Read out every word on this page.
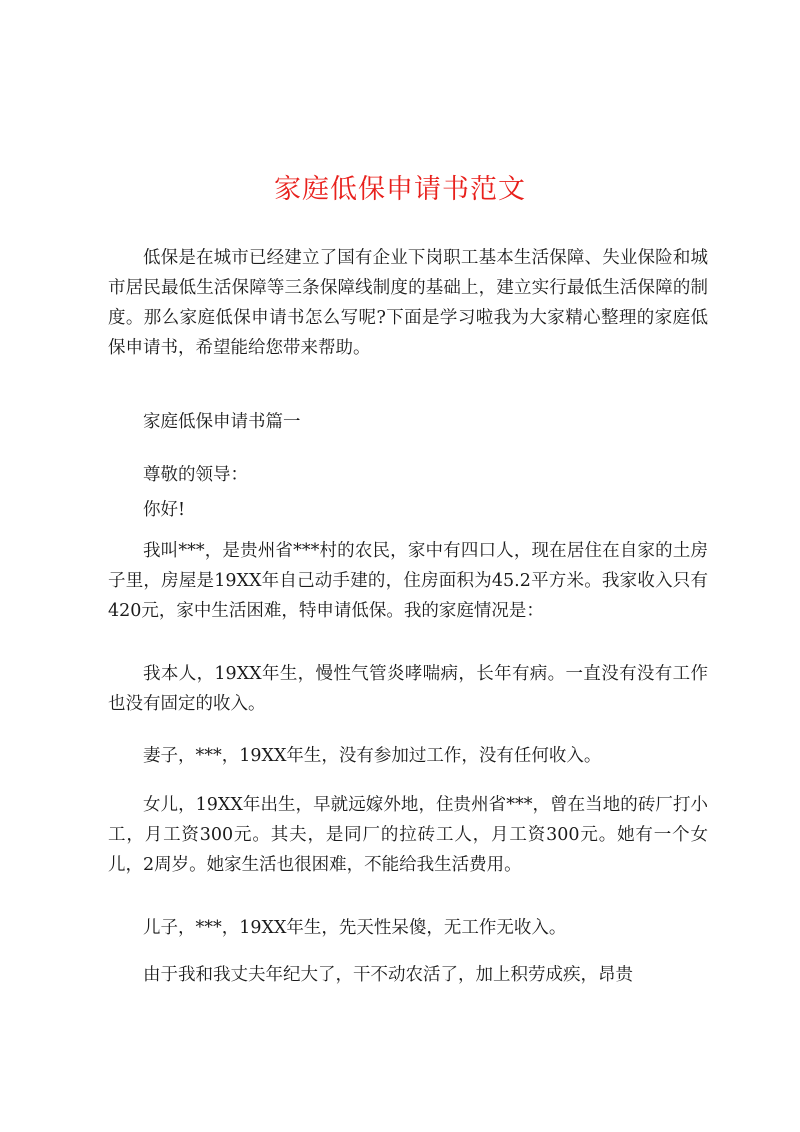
家庭低保申请书范文

低保是在城市已经建立了国有企业下岗职工基本生活保障、失业保险和城市居民最低生活保障等三条保障线制度的基础上，建立实行最低生活保障的制度。那么家庭低保申请书怎么写呢?下面是学习啦我为大家精心整理的家庭低保申请书，希望能给您带来帮助。

家庭低保申请书篇一

尊敬的领导：

你好!

我叫***，是贵州省***村的农民，家中有四口人，现在居住在自家的土房子里，房屋是19XX年自己动手建的，住房面积为45.2平方米。我家收入只有420元，家中生活困难，特申请低保。我的家庭情况是：

我本人，19XX年生，慢性气管炎哮喘病，长年有病。一直没有没有工作也没有固定的收入。

妻子，***，19XX年生，没有参加过工作，没有任何收入。

女儿，19XX年出生，早就远嫁外地，住贵州省***，曾在当地的砖厂打小工，月工资300元。其夫，是同厂的拉砖工人，月工资300元。她有一个女儿，2周岁。她家生活也很困难，不能给我生活费用。

儿子，***，19XX年生，先天性呆傻，无工作无收入。

由于我和我丈夫年纪大了，干不动农活了，加上积劳成疾，昂贵
